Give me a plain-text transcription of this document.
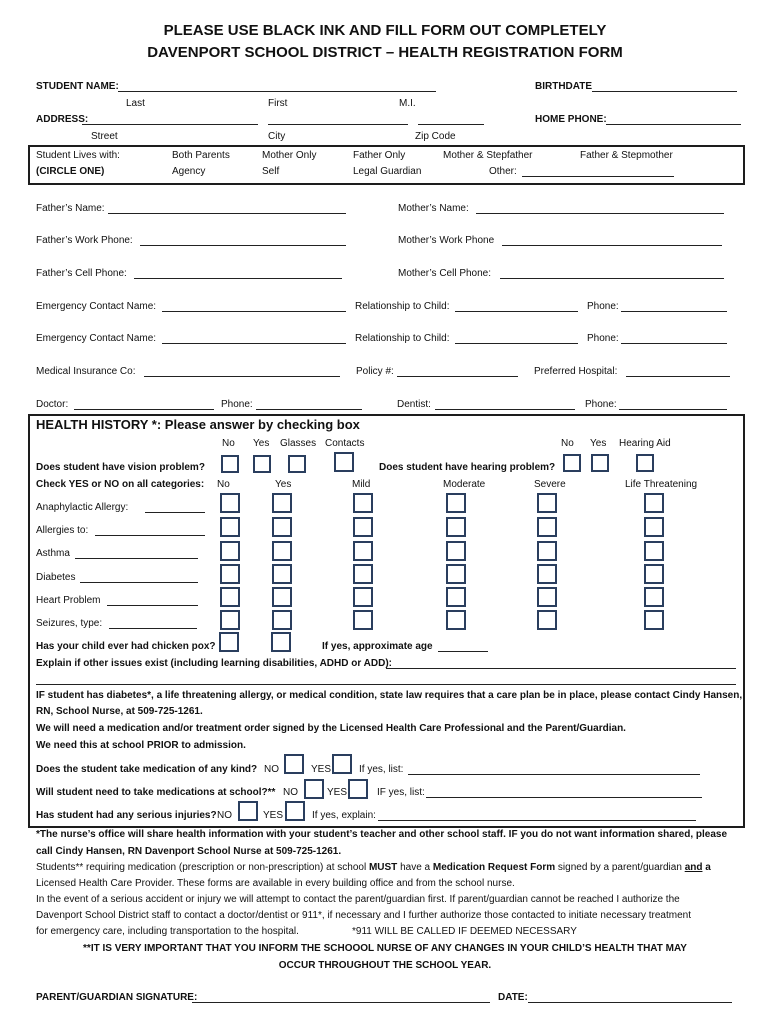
PLEASE USE BLACK INK AND FILL FORM OUT COMPLETELY
DAVENPORT SCHOOL DISTRICT – HEALTH REGISTRATION FORM
STUDENT NAME:	BIRTHDATE
Last	First	M.I.
ADDRESS:	HOME PHONE:
Street	City	Zip Code
Student Lives with:
(CIRCLE ONE)
Both Parents	Mother Only	Father Only	Mother & Stepfather	Father & Stepmother
Agency	Self	Legal Guardian	Other:
Father’s Name:	Mother’s Name:
Father’s Work Phone:	Mother’s Work Phone
Father’s Cell Phone:	Mother’s Cell Phone:
Emergency Contact Name:	Relationship to Child:	Phone:
Emergency Contact Name:	Relationship to Child:	Phone:
Medical Insurance Co:	Policy #:	Preferred Hospital:
Doctor:	Phone:	Dentist:	Phone:
HEALTH HISTORY *: Please answer by checking box
No Yes Glasses Contacts	No Yes Hearing Aid
Does student have vision problem?	Does student have hearing problem?
Check YES or NO on all categories: No	Yes	Mild	Moderate	Severe	Life Threatening
Anaphylactic Allergy:
Allergies to:
Asthma
Diabetes
Heart Problem
Seizures, type:
Has your child ever had chicken pox?	If yes, approximate age
Explain if other issues exist (including learning disabilities, ADHD or ADD):
IF student has diabetes*, a life threatening allergy, or medical condition, state law requires that a care plan be in place, please contact Cindy Hansen,
RN, School Nurse, at 509-725-1261.
We will need a medication and/or treatment order signed by the Licensed Health Care Professional and the Parent/Guardian.
We need this at school PRIOR to admission.
Does the student take medication of any kind? NO	YES	If yes, list:
Will student need to take medications at school?** NO	YES	IF yes, list:
Has student had any serious injuries? NO	YES	If yes, explain:
*The nurse’s office will share health information with your student’s teacher and other school staff. IF you do not want information shared, please
call Cindy Hansen, RN Davenport School Nurse at 509-725-1261.
Students** requiring medication (prescription or non-prescription) at school MUST have a Medication Request Form signed by a parent/guardian and a
Licensed Health Care Provider. These forms are available in every building office and from the school nurse.
In the event of a serious accident or injury we will attempt to contact the parent/guardian first. If parent/guardian cannot be reached I authorize the
Davenport School District staff to contact a doctor/dentist or 911*, if necessary and I further authorize those contacted to initiate necessary treatment
for emergency care, including transportation to the hospital.	*911 WILL BE CALLED IF DEEMED NECESSARY
**IT IS VERY IMPORTANT THAT YOU INFORM THE SCHOOOL NURSE OF ANY CHANGES IN YOUR CHILD’S HEALTH THAT MAY
OCCUR THROUGHOUT THE SCHOOL YEAR.
PARENT/GUARDIAN SIGNATURE:	DATE:
